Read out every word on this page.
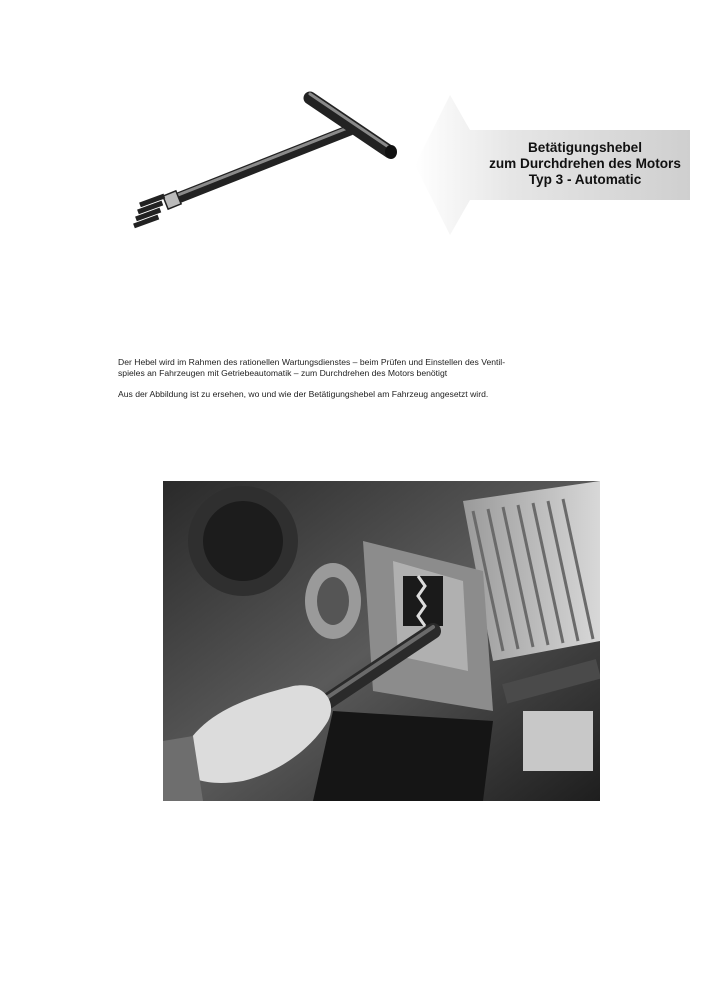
Betätigungshebel
zum Durchdrehen des Motors
Typ 3 - Automatic
Der Hebel wird im Rahmen des rationellen Wartungsdienstes – beim Prüfen und Einstellen des Ventil-
spieles an Fahrzeugen mit Getriebeautomatik – zum Durchdrehen des Motors benötigt
Aus der Abbildung ist zu ersehen, wo und wie der Betätigungshebel am Fahrzeug angesetzt wird.
